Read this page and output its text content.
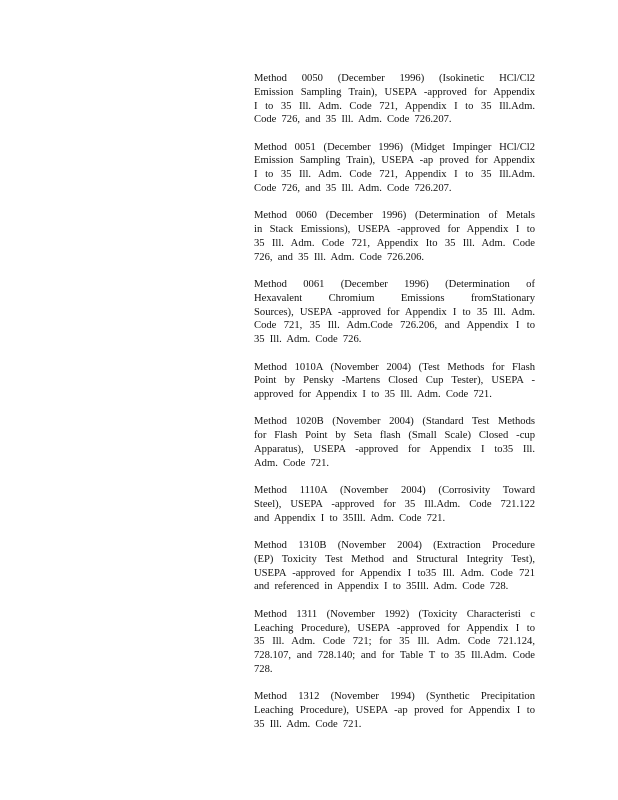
Method 0050 (December 1996) (Isokinetic HCl/Cl2
Emission Sampling Train), USEPA -approved for Appendix
I to 35 Ill. Adm. Code 721, Appendix I to 35 Ill.Adm.
Code 726, and 35 Ill. Adm. Code 726.207.

Method 0051 (December 1996) (Midget Impinger HCl/Cl2
Emission Sampling Train), USEPA -ap proved for Appendix
I to 35 Ill. Adm. Code 721, Appendix I to 35 Ill.Adm.
Code 726, and 35 Ill. Adm. Code 726.207.

Method 0060 (December 1996) (Determination of Metals
in Stack Emissions), USEPA -approved for Appendix I to
35 Ill. Adm. Code 721, Appendix Ito 35 Ill. Adm. Code
726, and 35 Ill. Adm. Code 726.206.

Method 0061 (December 1996) (Determination of
Hexavalent Chromium Emissions fromStationary
Sources), USEPA -approved for Appendix I to 35 Ill. Adm.
Code 721, 35 Ill. Adm.Code 726.206, and Appendix I to
35 Ill. Adm. Code 726.

Method 1010A (November 2004) (Test Methods for Flash
Point by Pensky -Martens Closed Cup Tester), USEPA -
approved for Appendix I to 35 Ill. Adm. Code 721.

Method 1020B (November 2004) (Standard Test Methods
for Flash Point by Seta flash (Small Scale) Closed -cup
Apparatus), USEPA -approved for Appendix I to35 Ill.
Adm. Code 721.

Method 1110A (November 2004) (Corrosivity Toward
Steel), USEPA -approved for 35 Ill.Adm. Code 721.122
and Appendix I to 35Ill. Adm. Code 721.

Method 1310B (November 2004) (Extraction Procedure
(EP) Toxicity Test Method and Structural Integrity Test),
USEPA -approved for Appendix I to35 Ill. Adm. Code 721
and referenced in Appendix I to 35Ill. Adm. Code 728.

Method 1311 (November 1992) (Toxicity Characteristi c
Leaching Procedure), USEPA -approved for Appendix I to
35 Ill. Adm. Code 721; for 35 Ill. Adm. Code 721.124,
728.107, and 728.140; and for Table T to 35 Ill.Adm. Code
728.

Method 1312 (November 1994) (Synthetic Precipitation
Leaching Procedure), USEPA -ap proved for Appendix I to
35 Ill. Adm. Code 721.
